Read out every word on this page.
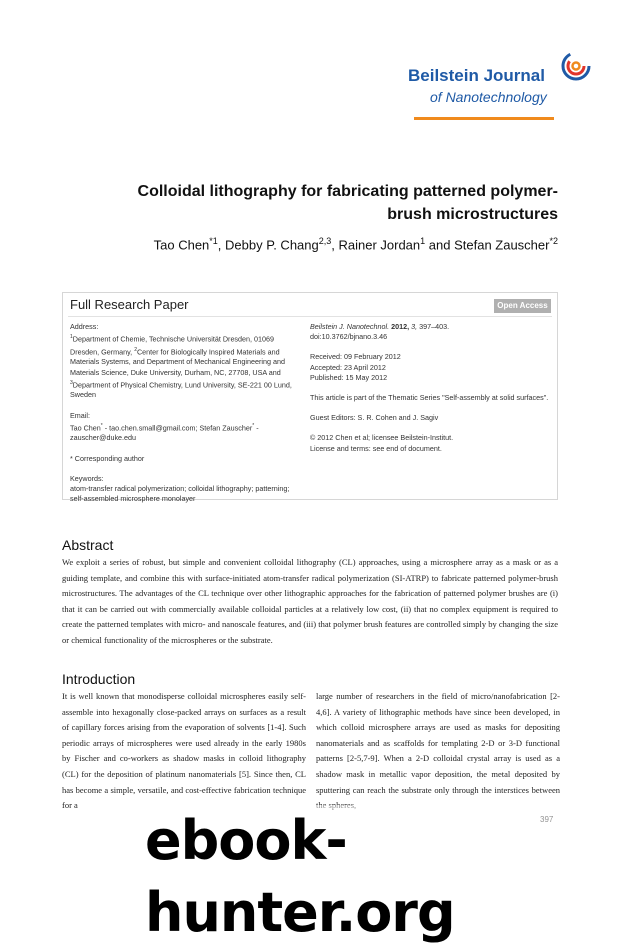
Beilstein Journal
of Nanotechnology
Colloidal lithography for fabricating patterned polymer-brush microstructures
Tao Chen$^{*1}$, Debby P. Chang$^{2,3}$, Rainer Jordan$^1$ and Stefan Zauscher$^{*2}$
Full Research Paper	Open Access

Address:

$^1$Department of Chemie, Technische Universität Dresden, 01069 Dresden, Germany, $^2$Center for Biologically Inspired Materials and Materials Systems, and Department of Mechanical Engineering and Materials Science, Duke University, Durham, NC, 27708, USA and $^3$Department of Physical Chemistry, Lund University, SE-221 00 Lund, Sweden

Email:

Tao Chen* - tao.chen.small@gmail.com; Stefan Zauscher* - zauscher@duke.edu

* Corresponding author

Keywords:

atom-transfer radical polymerization; colloidal lithography; patterning; self-assembled microsphere monolayer

Beilstein J. Nanotechnol. 2012, 3, 397–403.

doi:10.3762/bjnano.3.46

Received: 09 February 2012

Accepted: 23 April 2012

Published: 15 May 2012

This article is part of the Thematic Series "Self-assembly at solid surfaces".

Guest Editors: S. R. Cohen and J. Sagiv

© 2012 Chen et al; licensee Beilstein-Institut.

License and terms: see end of document.

Abstract
We exploit a series of robust, but simple and convenient colloidal lithography (CL) approaches, using a microsphere array as a mask or as a guiding template, and combine this with surface-initiated atom-transfer radical polymerization (SI-ATRP) to fabricate patterned polymer-brush microstructures. The advantages of the CL technique over other lithographic approaches for the fabrication of patterned polymer brushes are (i) that it can be carried out with commercially available colloidal particles at a relatively low cost, (ii) that no complex equipment is required to create the patterned templates with micro- and nanoscale features, and (iii) that polymer brush features are controlled simply by changing the size or chemical functionality of the microspheres or the substrate.
Introduction
It is well known that monodisperse colloidal microspheres easily self-assemble into hexagonally close-packed arrays on surfaces as a result of capillary forces arising from the evaporation of solvents [1-4]. Such periodic arrays of microspheres were used already in the early 1980s by Fischer and co-workers as shadow masks in colloid lithography (CL) for the deposition of platinum nanomaterials [5]. Since then, CL has become a simple, versatile, and cost-effective fabrication technique for a
large number of researchers in the field of micro/nanofabrication [2-4,6]. A variety of lithographic methods have since been developed, in which colloid microsphere arrays are used as masks for depositing nanomaterials and as scaffolds for templating 2-D or 3-D functional patterns [2-5,7-9]. When a 2-D colloidal crystal array is used as a shadow mask in metallic vapor deposition, the metal deposited by sputtering can reach the substrate only through the interstices between
ebook-hunter.org
